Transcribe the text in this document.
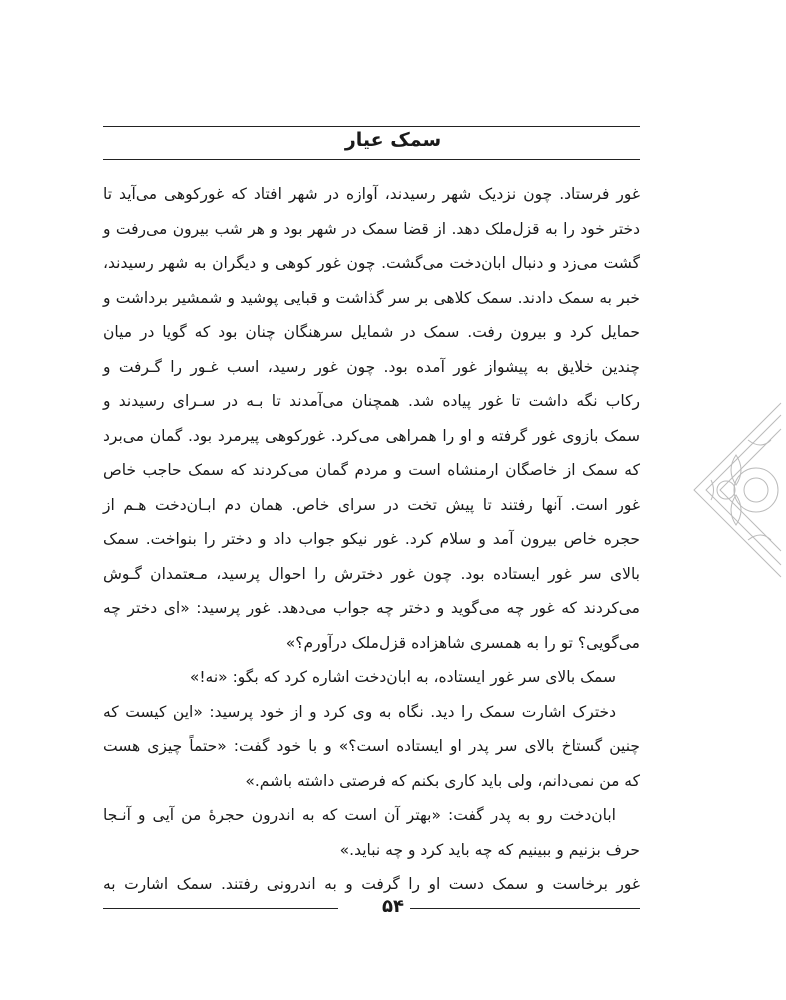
سمک عیار
غور فرستاد. چون نزدیک شهر رسیدند، آوازه در شهر افتاد که غورکوهی می‌آید تا
دختر خود را به قزل‌ملک دهد. از قضا سمک در شهر بود و هر شب بیرون می‌رفت و
گشت می‌زد و دنبال ابان‌دخت می‌گشت. چون غور کوهی و دیگران به شهر رسیدند،
خبر به سمک دادند. سمک کلاهی بر سر گذاشت و قبایی پوشید و شمشیر برداشت و
حمایل کرد و بیرون رفت. سمک در شمایل سرهنگان چنان بود که گویا در میان
چندین خلایق به پیشواز غور آمده بود. چون غور رسید، اسب غـور را گـرفت و
رکاب نگه داشت تا غور پیاده شد. همچنان می‌آمدند تا بـه در سـرای رسیدند و
سمک بازوی غور گرفته و او را همراهی می‌کرد. غورکوهی پیرمرد بود. گمان می‌برد
که سمک از خاصگان ارمنشاه است و مردم گمان می‌کردند که سمک حاجب خاص
غور است. آنها رفتند تا پیش تخت در سرای خاص. همان دم ابـان‌دخت هـم از
حجره خاص بیرون آمد و سلام کرد. غور نیکو جواب داد و دختر را بنواخت. سمک
بالای سر غور ایستاده بود. چون غور دخترش را احوال پرسید، مـعتمدان گـوش
می‌کردند که غور چه می‌گوید و دختر چه جواب می‌دهد. غور پرسید: «ای دختر چه
می‌گویی؟ تو را به همسری شاهزاده قزل‌ملک درآورم؟»
سمک بالای سر غور ایستاده، به ابان‌دخت اشاره کرد که بگو: «نه!»
دخترک اشارت سمک را دید. نگاه به وی کرد و از خود پرسید: «این کیست که
چنین گستاخ بالای سر پدر او ایستاده است؟» و با خود گفت: «حتماً چیزی هست
که من نمی‌دانم، ولی باید کاری بکنم که فرصتی داشته باشم.»
ابان‌دخت رو به پدر گفت: «بهتر آن است که به اندرون حجرهٔ من آیی و آنـجا
حرف بزنیم و ببینیم که چه باید کرد و چه نباید.»
غور برخاست و سمک دست او را گرفت و به اندرونی رفتند. سمک اشارت به
۵۴
